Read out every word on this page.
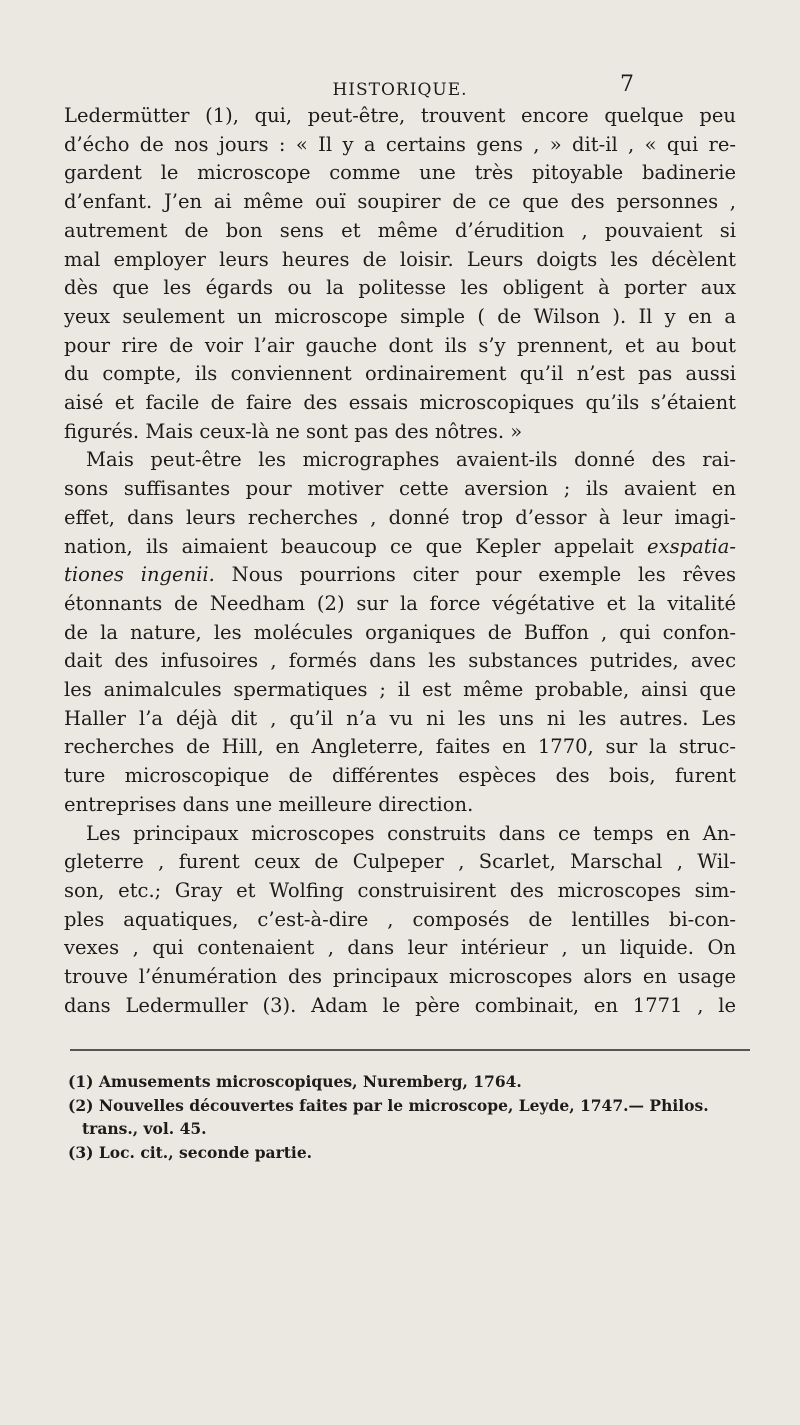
HISTORIQUE.	7
Ledermütter (1), qui, peut-être, trouvent encore quelque peu
d’écho de nos jours : « Il y a certains gens , » dit-il , « qui re-
gardent le microscope comme une très pitoyable badinerie
d’enfant. J’en ai même ouï soupirer de ce que des personnes ,
autrement de bon sens et même d’érudition , pouvaient si
mal employer leurs heures de loisir. Leurs doigts les décèlent
dès que les égards ou la politesse les obligent à porter aux
yeux seulement un microscope simple ( de Wilson ). Il y en a
pour rire de voir l’air gauche dont ils s’y prennent, et au bout
du compte, ils conviennent ordinairement qu’il n’est pas aussi
aisé et facile de faire des essais microscopiques qu’ils s’étaient
figurés. Mais ceux-là ne sont pas des nôtres. »
Mais peut-être les micrographes avaient-ils donné des rai-
sons suffisantes pour motiver cette aversion ; ils avaient en
effet, dans leurs recherches , donné trop d’essor à leur imagi-
nation, ils aimaient beaucoup ce que Kepler appelait exspatia-
tiones ingenii. Nous pourrions citer pour exemple les rêves
étonnants de Needham (2) sur la force végétative et la vitalité
de la nature, les molécules organiques de Buffon , qui confon-
dait des infusoires , formés dans les substances putrides, avec
les animalcules spermatiques ; il est même probable, ainsi que
Haller l’a déjà dit , qu’il n’a vu ni les uns ni les autres. Les
recherches de Hill, en Angleterre, faites en 1770, sur la struc-
ture microscopique de différentes espèces des bois, furent
entreprises dans une meilleure direction.
Les principaux microscopes construits dans ce temps en An-
gleterre , furent ceux de Culpeper , Scarlet, Marschal , Wil-
son, etc.; Gray et Wolfing construisirent des microscopes sim-
ples aquatiques, c’est-à-dire , composés de lentilles bi-con-
vexes , qui contenaient , dans leur intérieur , un liquide. On
trouve l’énumération des principaux microscopes alors en usage
dans Ledermuller (3). Adam le père combinait, en 1771 , le
(1) Amusements microscopiques, Nuremberg, 1764.
(2) Nouvelles découvertes faites par le microscope, Leyde, 1747.— Philos.
trans., vol. 45.
(3) Loc. cit., seconde partie.
